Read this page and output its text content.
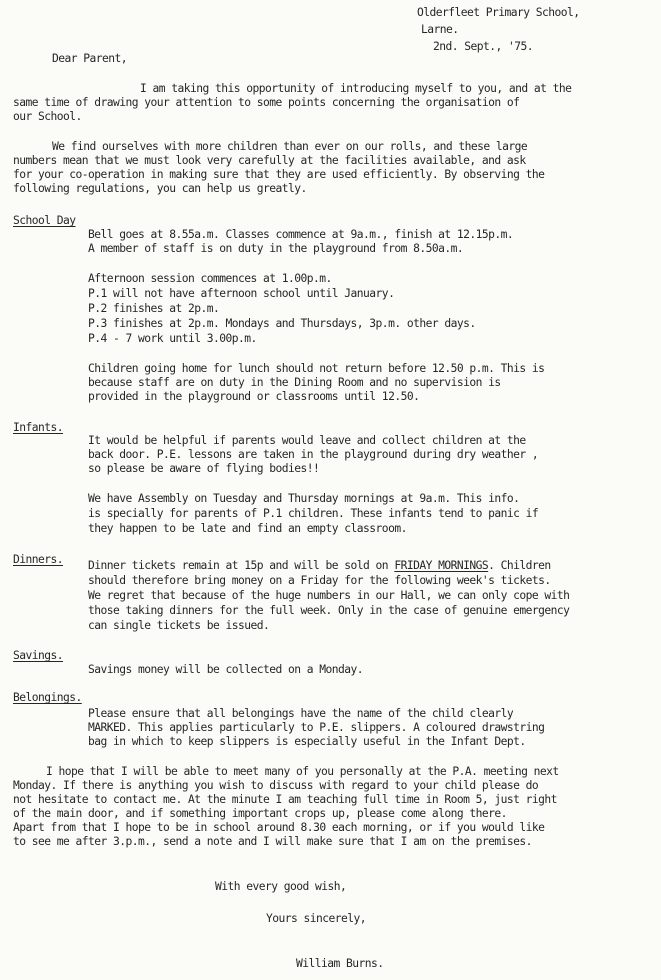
Olderfleet Primary School,
Larne.
2nd. Sept., '75.
Dear Parent,
I am taking this opportunity of introducing myself to you, and at the
same time of drawing your attention to some points concerning the organisation of
our School.
We find ourselves with more children than ever on our rolls, and these large
numbers mean that we must look very carefully at the facilities available, and ask
for your co-operation in making sure that they are used efficiently. By observing the
following regulations, you can help us greatly.
School Day
Bell goes at 8.55a.m. Classes commence at 9a.m., finish at 12.15p.m.
A member of staff is on duty in the playground from 8.50a.m.
Afternoon session commences at 1.00p.m.
P.1 will not have afternoon school until January.
P.2 finishes at 2p.m.
P.3 finishes at 2p.m. Mondays and Thursdays, 3p.m. other days.
P.4 - 7 work until 3.00p.m.
Children going home for lunch should not return before 12.50 p.m. This is
because staff are on duty in the Dining Room and no supervision is
provided in the playground or classrooms until 12.50.
Infants.
It would be helpful if parents would leave and collect children at the
back door. P.E. lessons are taken in the playground during dry weather ,
so please be aware of flying bodies!!
We have Assembly on Tuesday and Thursday mornings at 9a.m. This info.
is specially for parents of P.1 children. These infants tend to panic if
they happen to be late and find an empty classroom.
Dinners. Dinner tickets remain at 15p and will be sold on FRIDAY MORNINGS. Children
should therefore bring money on a Friday for the following week's tickets.
We regret that because of the huge numbers in our Hall, we can only cope with
those taking dinners for the full week. Only in the case of genuine emergency
can single tickets be issued.
Savings.
Savings money will be collected on a Monday.
Belongings.
Please ensure that all belongings have the name of the child clearly
MARKED. This applies particularly to P.E. slippers. A coloured drawstring
bag in which to keep slippers is especially useful in the Infant Dept.
I hope that I will be able to meet many of you personally at the P.A. meeting next
Monday. If there is anything you wish to discuss with regard to your child please do
not hesitate to contact me. At the minute I am teaching full time in Room 5, just right
of the main door, and if something important crops up, please come along there.
Apart from that I hope to be in school around 8.30 each morning, or if you would like
to see me after 3.p.m., send a note and I will make sure that I am on the premises.
With every good wish,
Yours sincerely,
William Burns.
